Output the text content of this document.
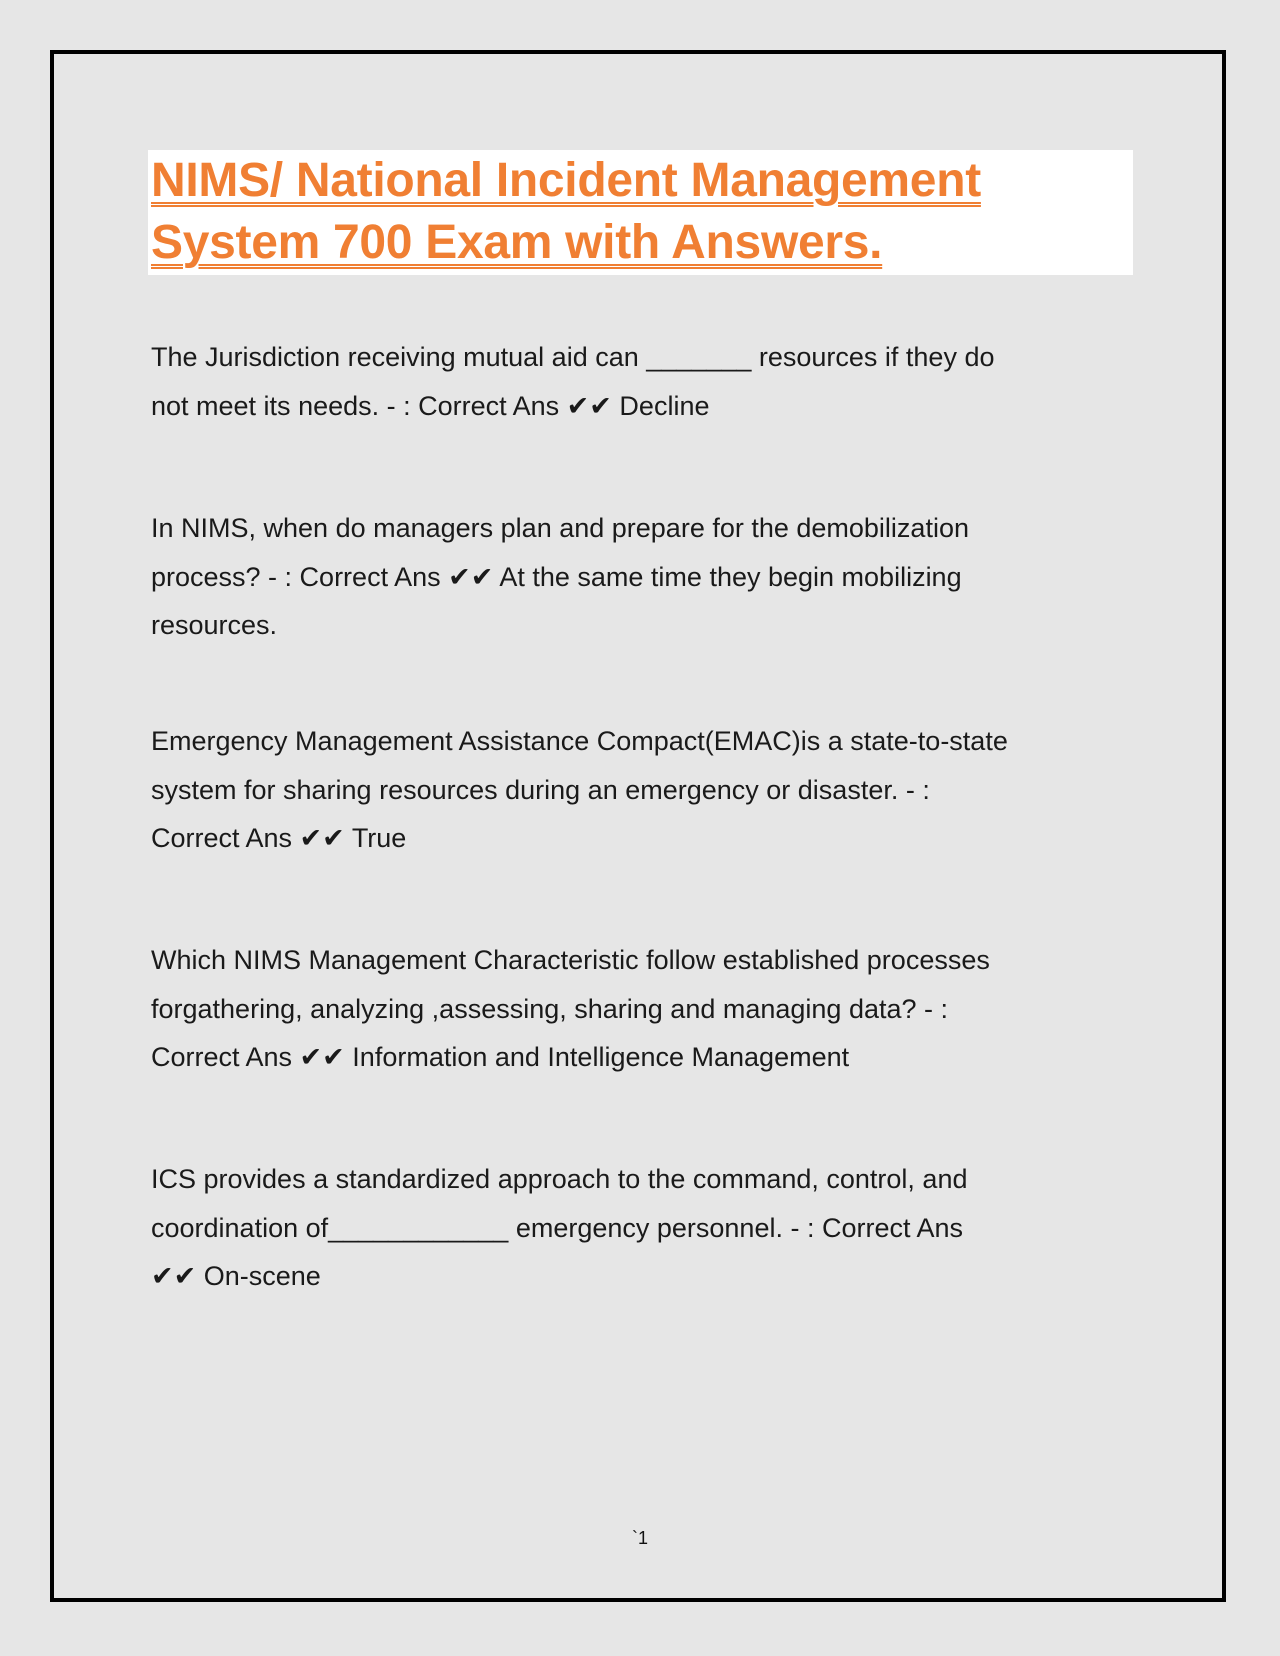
NIMS/ National Incident Management
System 700 Exam with Answers.
The Jurisdiction receiving mutual aid can _______ resources if they do
not meet its needs. - : Correct Ans ✔✔ Decline
In NIMS, when do managers plan and prepare for the demobilization
process? - : Correct Ans ✔✔ At the same time they begin mobilizing
resources.
Emergency Management Assistance Compact(EMAC)is a state-to-state
system for sharing resources during an emergency or disaster. - :
Correct Ans ✔✔ True
Which NIMS Management Characteristic follow established processes
forgathering, analyzing ,assessing, sharing and managing data? - :
Correct Ans ✔✔ Information and Intelligence Management
ICS provides a standardized approach to the command, control, and
coordination of____________ emergency personnel. - : Correct Ans
✔✔ On-scene
`1
